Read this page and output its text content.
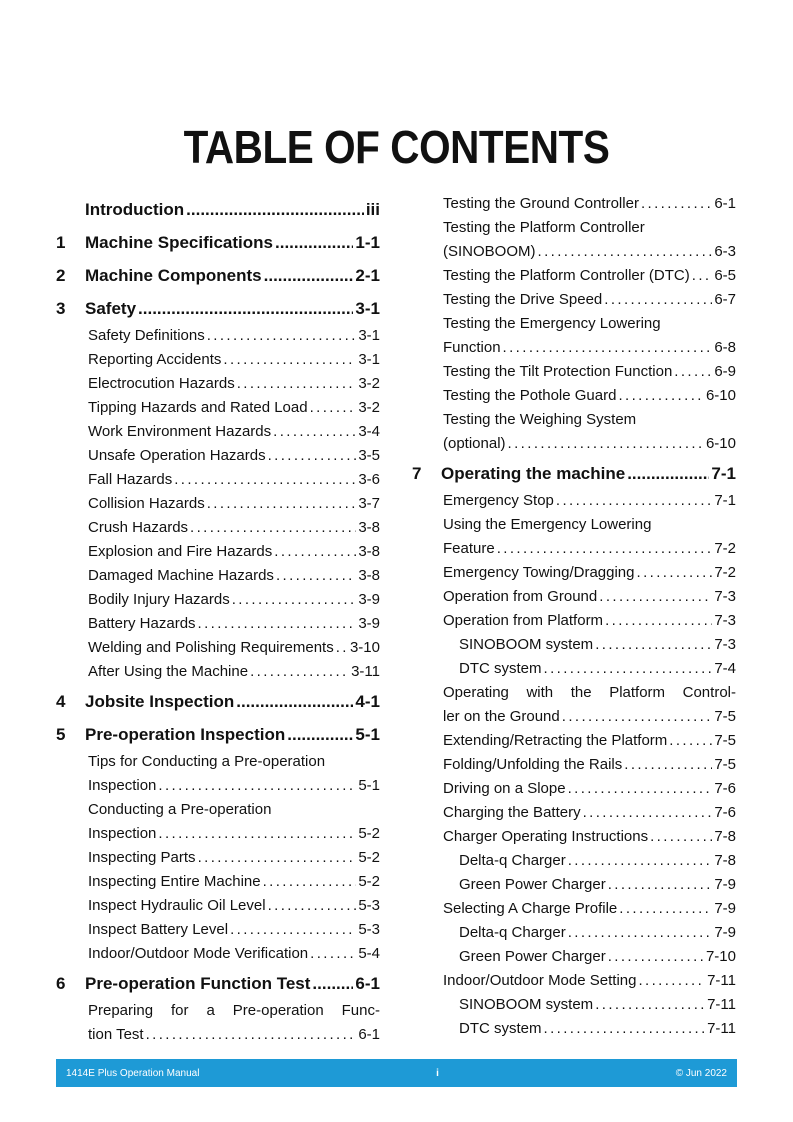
TABLE OF CONTENTS
Introduction .....	iii
1	Machine Specifications .....	1-1
2	Machine Components .....	2-1
3	Safety .....	3-1
Safety Definitions .....	3-1
Reporting Accidents .....	3-1
Electrocution Hazards .....	3-2
Tipping Hazards and Rated Load .....	3-2
Work Environment Hazards .....	3-4
Unsafe Operation Hazards .....	3-5
Fall Hazards .....	3-6
Collision Hazards .....	3-7
Crush Hazards .....	3-8
Explosion and Fire Hazards .....	3-8
Damaged Machine Hazards .....	3-8
Bodily Injury Hazards .....	3-9
Battery Hazards .....	3-9
Welding and Polishing Requirements ..... 3-10
After Using the Machine .....	3-11
4	Jobsite Inspection .....	4-1
5	Pre-operation Inspection .....	5-1
Tips for Conducting a Pre-operation
Inspection .....	5-1
Conducting a Pre-operation
Inspection .....	5-2
Inspecting Parts .....	5-2
Inspecting Entire Machine .....	5-2
Inspect Hydraulic Oil Level .....	5-3
Inspect Battery Level .....	5-3
Indoor/Outdoor Mode Verification .....	5-4
6	Pre-operation Function Test .....	6-1
Preparing for a Pre-operation Func-
tion Test .....	6-1
Testing the Ground Controller .....	6-1
Testing the Platform Controller
(SINOBOOM) .....	6-3
Testing the Platform Controller (DTC) ..... 6-5
Testing the Drive Speed .....	6-7
Testing the Emergency Lowering
Function .....	6-8
Testing the Tilt Protection Function .....	6-9
Testing the Pothole Guard .....	6-10
Testing the Weighing System
(optional) .....	6-10
7	Operating the machine .....	7-1
Emergency Stop .....	7-1
Using the Emergency Lowering
Feature .....	7-2
Emergency Towing/Dragging .....	7-2
Operation from Ground .....	7-3
Operation from Platform .....	7-3
SINOBOOM system .....	7-3
DTC system .....	7-4
Operating with the Platform Control-
ler on the Ground .....	7-5
Extending/Retracting the Platform .....	7-5
Folding/Unfolding the Rails .....	7-5
Driving on a Slope .....	7-6
Charging the Battery .....	7-6
Charger Operating Instructions .....	7-8
Delta-q Charger .....	7-8
Green Power Charger .....	7-9
Selecting A Charge Profile .....	7-9
Delta-q Charger .....	7-9
Green Power Charger .....	7-10
Indoor/Outdoor Mode Setting .....	7-11
SINOBOOM system .....	7-11
DTC system .....	7-11
1414E Plus Operation Manual	i	© Jun 2022
